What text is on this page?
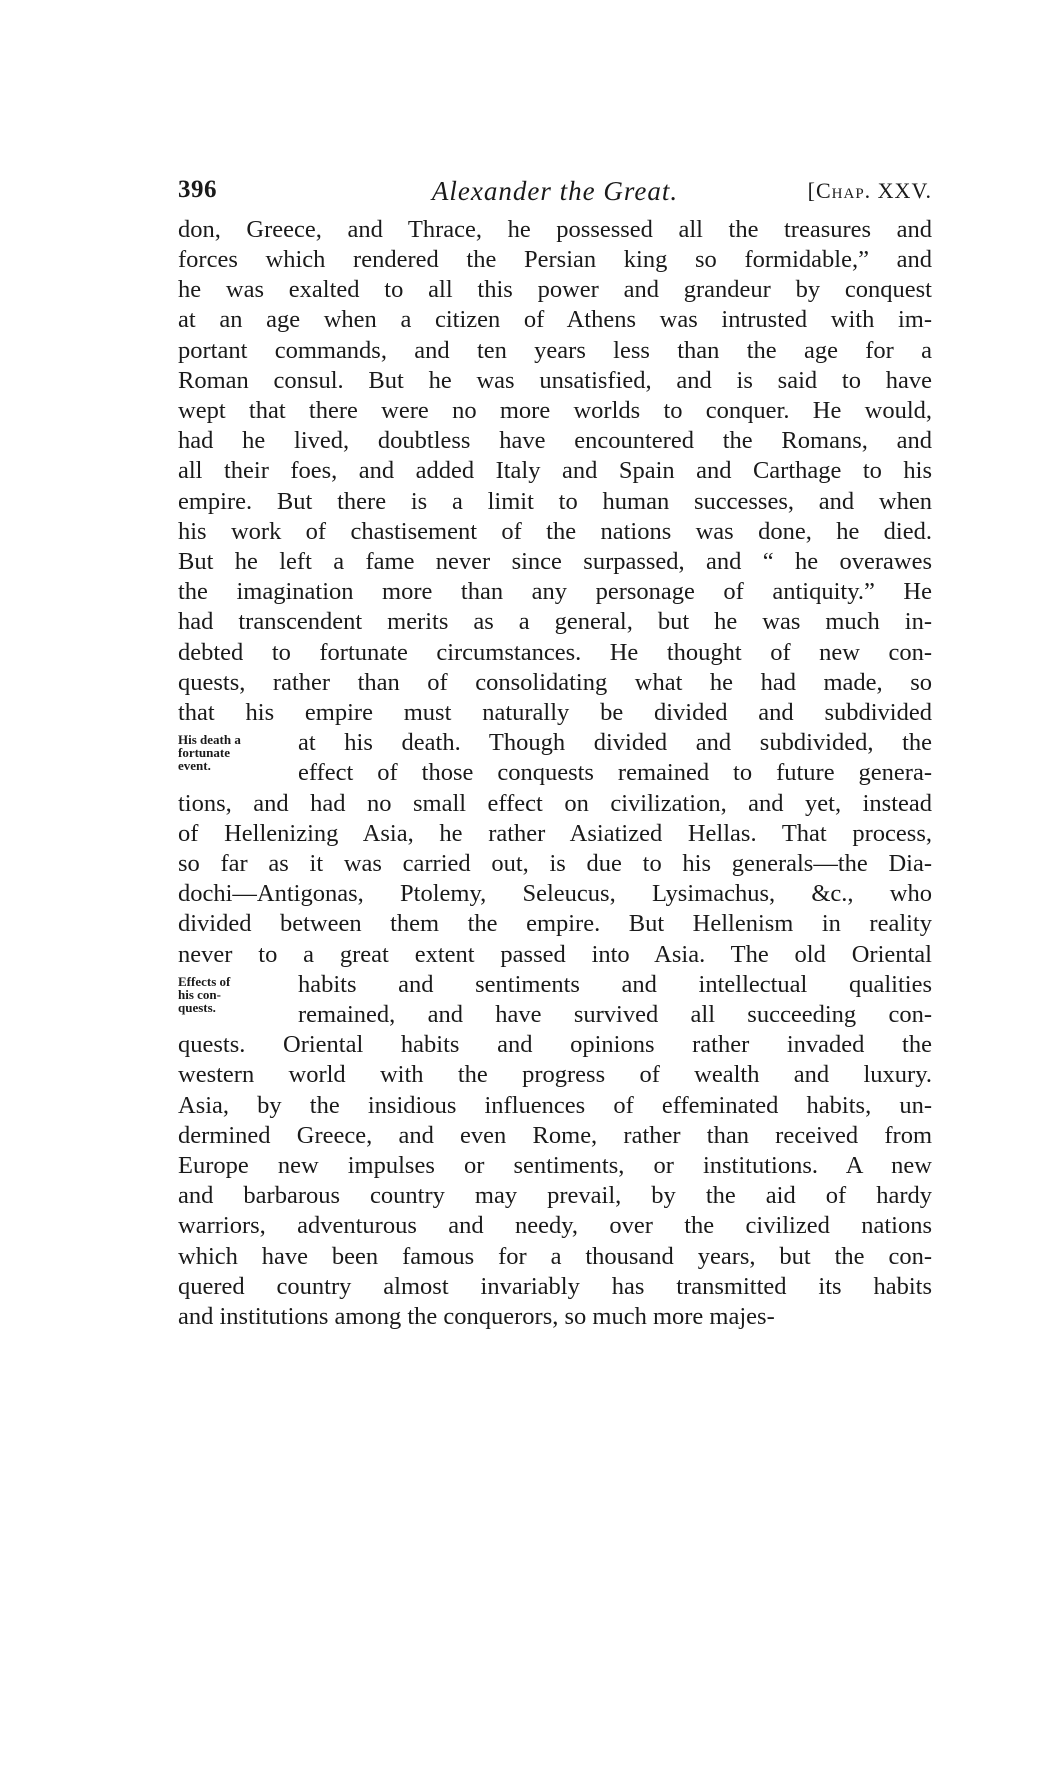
396	Alexander the Great.	[Chap. XXV.
don, Greece, and Thrace, he possessed all the treasures and
forces which rendered the Persian king so formidable,” and
he was exalted to all this power and grandeur by conquest
at an age when a citizen of Athens was intrusted with im-
portant commands, and ten years less than the age for a
Roman consul. But he was unsatisfied, and is said to have
wept that there were no more worlds to conquer. He would,
had he lived, doubtless have encountered the Romans, and
all their foes, and added Italy and Spain and Carthage to his
empire. But there is a limit to human successes, and when
his work of chastisement of the nations was done, he died.
But he left a fame never since surpassed, and “ he overawes
the imagination more than any personage of antiquity.” He
had transcendent merits as a general, but he was much in-
debted to fortunate circumstances. He thought of new con-
quests, rather than of consolidating what he had made, so
that his empire must naturally be divided and subdivided
at his death. Though divided and subdivided, the
effect of those conquests remained to future genera-
tions, and had no small effect on civilization, and yet, instead
of Hellenizing Asia, he rather Asiatized Hellas. That process,
so far as it was carried out, is due to his generals—the Dia-
dochi—Antigonas, Ptolemy, Seleucus, Lysimachus, &c., who
divided between them the empire. But Hellenism in reality
never to a great extent passed into Asia. The old Oriental
habits and sentiments and intellectual qualities
remained, and have survived all succeeding con-
quests. Oriental habits and opinions rather invaded the
western world with the progress of wealth and luxury.
Asia, by the insidious influences of effeminated habits, un-
dermined Greece, and even Rome, rather than received from
Europe new impulses or sentiments, or institutions. A new
and barbarous country may prevail, by the aid of hardy
warriors, adventurous and needy, over the civilized nations
which have been famous for a thousand years, but the con-
quered country almost invariably has transmitted its habits
and institutions among the conquerors, so much more majes-
His death a
fortunate
event.
Effects of
his con-
quests.
